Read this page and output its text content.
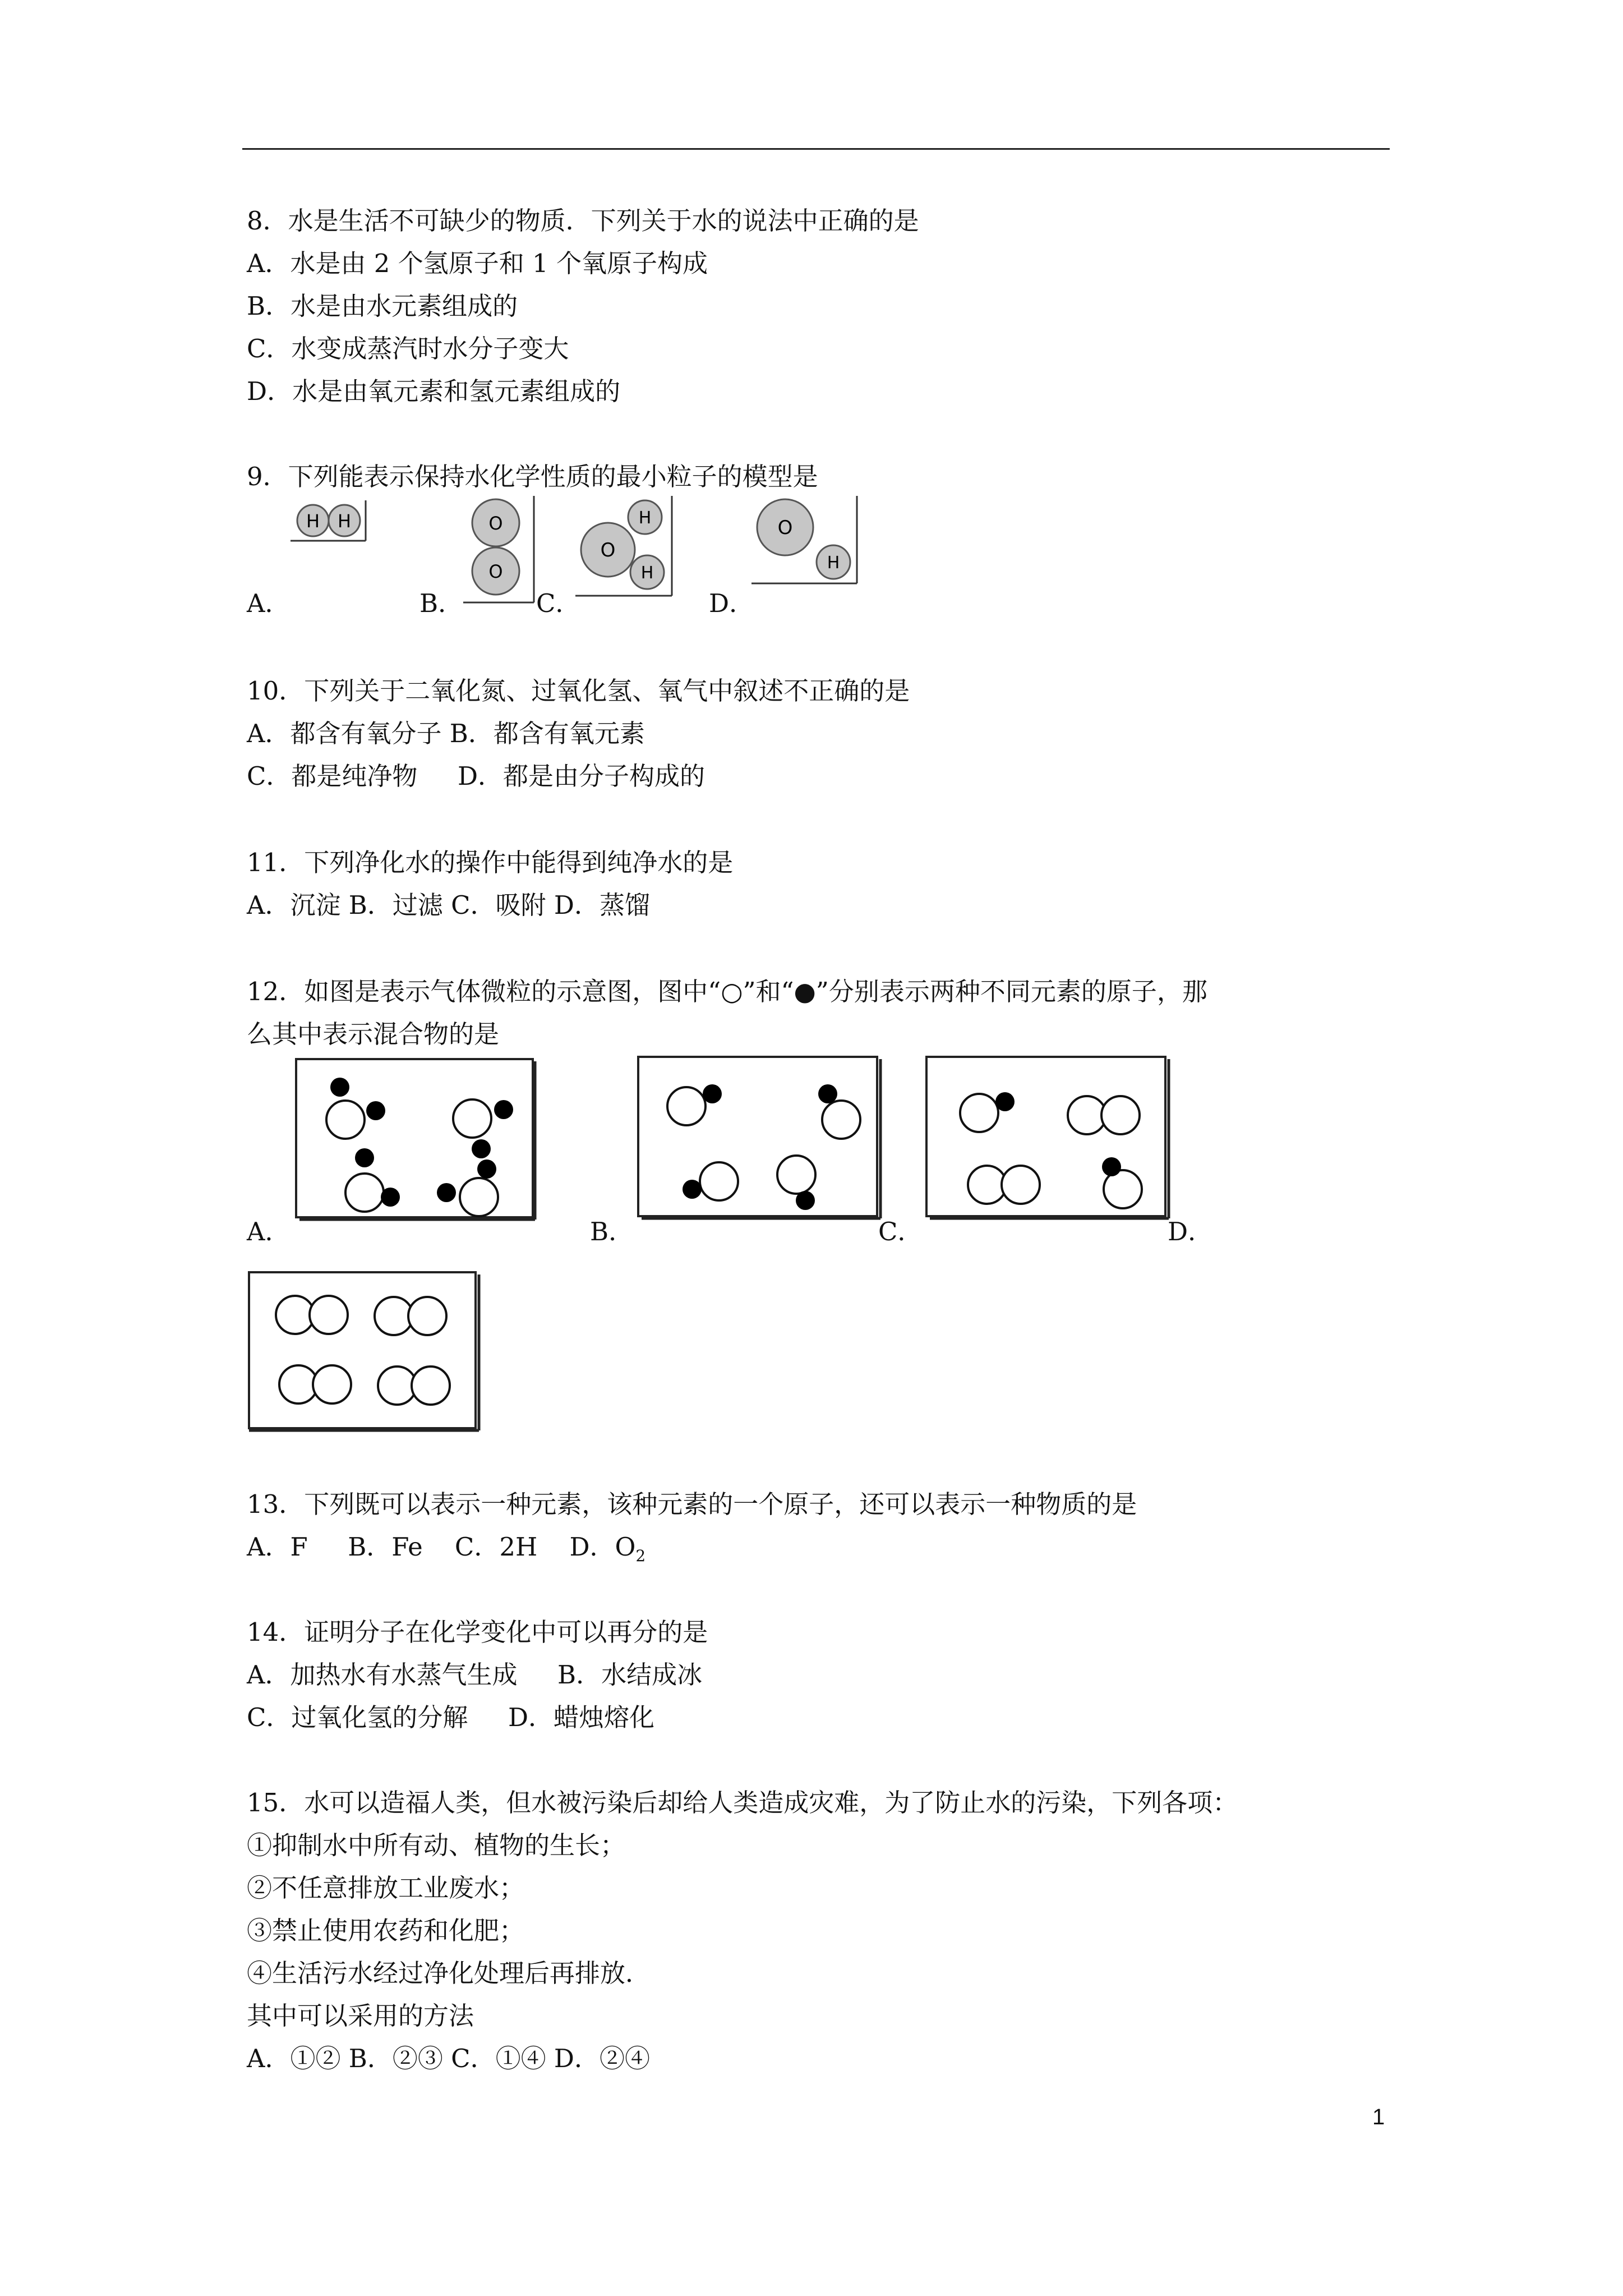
8．水是生活不可缺少的物质．下列关于水的说法中正确的是
A．水是由 2 个氢原子和 1 个氧原子构成
B．水是由水元素组成的
C．水变成蒸汽时水分子变大
D．水是由氧元素和氢元素组成的
9．下列能表示保持水化学性质的最小粒子的模型是
H H
A．
O
O
B．
O
H
H
C．
O
H
D．
10．下列关于二氧化氮、过氧化氢、氧气中叙述不正确的是
A．都含有氧分子 B．都含有氧元素
C．都是纯净物     D．都是由分子构成的
11．下列净化水的操作中能得到纯净水的是
A．沉淀 B．过滤 C．吸附 D．蒸馏
12．如图是表示气体微粒的示意图，图中“○”和“●”分别表示两种不同元素的原子，那
么其中表示混合物的是
A．	B．	C．	D．
13．下列既可以表示一种元素，该种元素的一个原子，还可以表示一种物质的是
A．F     B．Fe    C．2H    D．$O_2$
14．证明分子在化学变化中可以再分的是
A．加热水有水蒸气生成     B．水结成冰
C．过氧化氢的分解     D．蜡烛熔化
15．水可以造福人类，但水被污染后却给人类造成灾难，为了防止水的污染，下列各项：
①抑制水中所有动、植物的生长；
②不任意排放工业废水；
③禁止使用农药和化肥；
④生活污水经过净化处理后再排放．
其中可以采用的方法
A．①② B．②③ C．①④ D．②④
1
